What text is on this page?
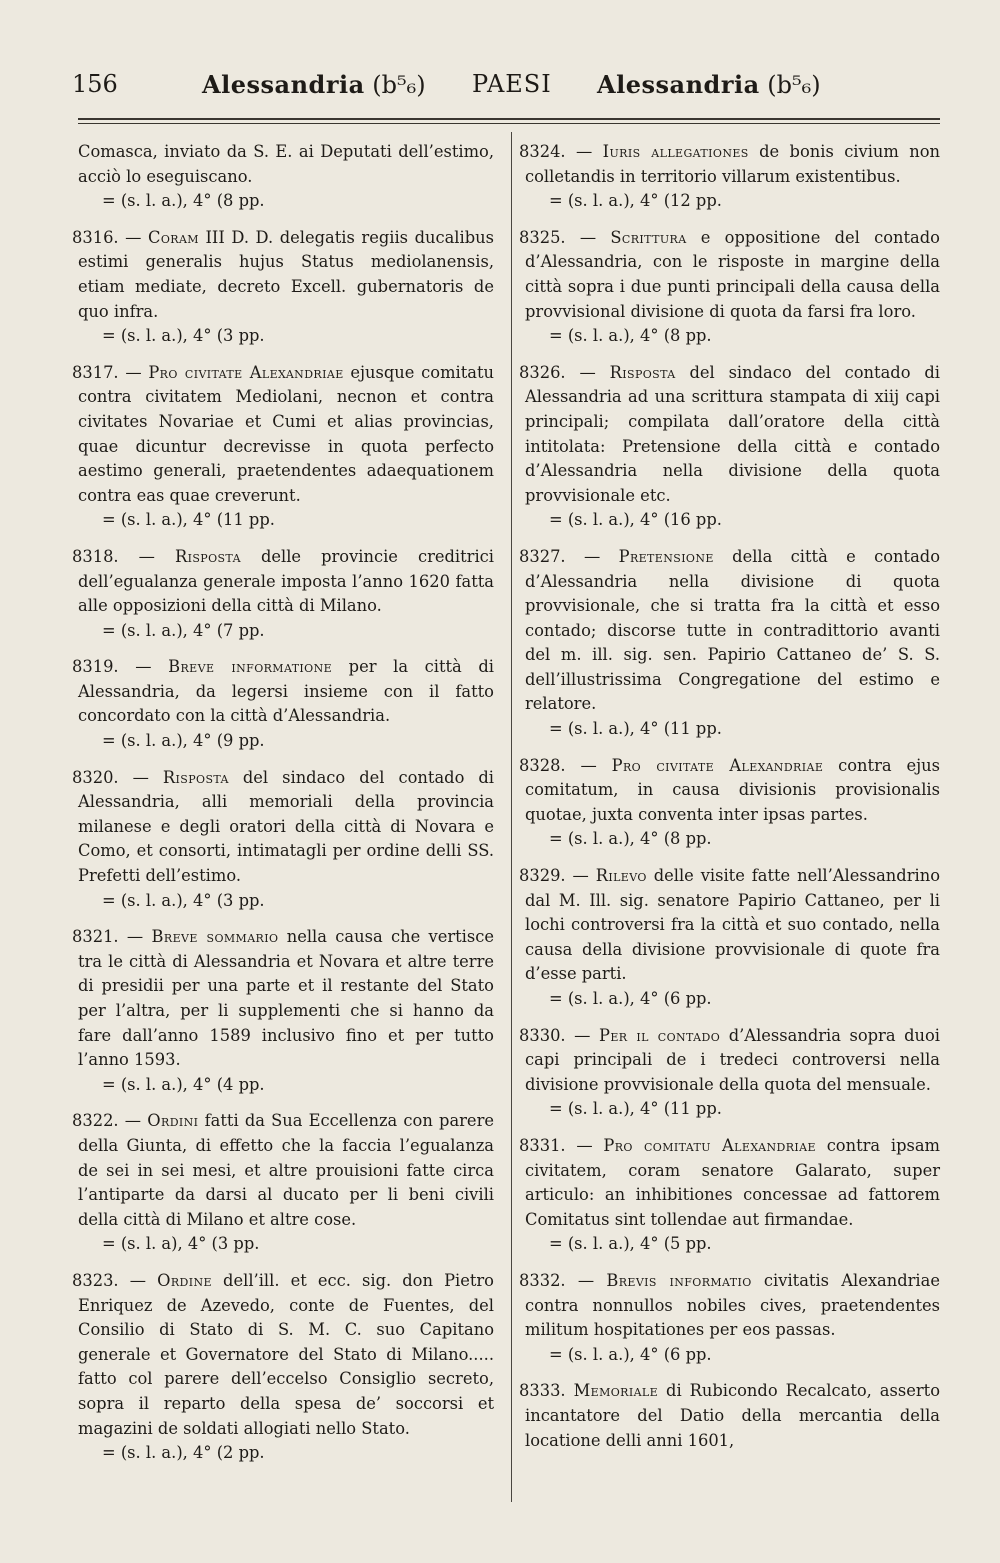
156	Alessandria (b⁵₆) PAESI Alessandria (b⁵₆)

Comasca, inviato da S. E. ai Deputati dell’estimo, acciò lo eseguiscano.

= (s. l. a.), 4° (8 pp.

8316. — Coram III D. D. delegatis regiis ducalibus estimi generalis hujus Status mediolanensis, etiam mediate, decreto Excell. gubernatoris de quo infra.

= (s. l. a.), 4° (3 pp.

8317. — Pro civitate Alexandriae ejusque comitatu contra civitatem Mediolani, necnon et contra civitates Novariae et Cumi et alias provincias, quae dicuntur decrevisse in quota perfecto aestimo generali, praetendentes adaequationem contra eas quae creverunt.

= (s. l. a.), 4° (11 pp.

8318. — Risposta delle provincie creditrici dell’egualanza generale imposta l’anno 1620 fatta alle opposizioni della città di Milano.

= (s. l. a.), 4° (7 pp.

8319. — Breve informatione per la città di Alessandria, da legersi insieme con il fatto concordato con la città d’Alessandria.

= (s. l. a.), 4° (9 pp.

8320. — Risposta del sindaco del contado di Alessandria, alli memoriali della provincia milanese e degli oratori della città di Novara e Como, et consorti, intimatagli per ordine delli SS. Prefetti dell’estimo.

= (s. l. a.), 4° (3 pp.

8321. — Breve sommario nella causa che vertisce tra le città di Alessandria et Novara et altre terre di presidii per una parte et il restante del Stato per l’altra, per li supplementi che si hanno da fare dall’anno 1589 inclusivo fino et per tutto l’anno 1593.

= (s. l. a.), 4° (4 pp.

8322. — Ordini fatti da Sua Eccellenza con parere della Giunta, di effetto che la faccia l’egualanza de sei in sei mesi, et altre prouisioni fatte circa l’antiparte da darsi al ducato per li beni civili della città di Milano et altre cose.

= (s. l. a), 4° (3 pp.

8323. — Ordine dell’ill. et ecc. sig. don Pietro Enriquez de Azevedo, conte de Fuentes, del Consilio di Stato di S. M. C. suo Capitano generale et Governatore del Stato di Milano..... fatto col parere dell’eccelso Consiglio secreto, sopra il reparto della spesa de’ soccorsi et magazini de soldati allogiati nello Stato.

= (s. l. a.), 4° (2 pp.

8324. — Iuris allegationes de bonis civium non colletandis in territorio villarum existentibus.

= (s. l. a.), 4° (12 pp.

8325. — Scrittura e oppositione del contado d’Alessandria, con le risposte in margine della città sopra i due punti principali della causa della provvisional divisione di quota da farsi fra loro.

= (s. l. a.), 4° (8 pp.

8326. — Risposta del sindaco del contado di Alessandria ad una scrittura stampata di xiij capi principali; compilata dall’oratore della città intitolata: Pretensione della città e contado d’Alessandria nella divisione della quota provvisionale etc.

= (s. l. a.), 4° (16 pp.

8327. — Pretensione della città e contado d’Alessandria nella divisione di quota provvisionale, che si tratta fra la città et esso contado; discorse tutte in contradittorio avanti del m. ill. sig. sen. Papirio Cattaneo de’ S. S. dell’illustrissima Congregatione del estimo e relatore.

= (s. l. a.), 4° (11 pp.

8328. — Pro civitate Alexandriae contra ejus comitatum, in causa divisionis provisionalis quotae, juxta conventa inter ipsas partes.

= (s. l. a.), 4° (8 pp.

8329. — Rilevo delle visite fatte nell’Alessandrino dal M. Ill. sig. senatore Papirio Cattaneo, per li lochi controversi fra la città et suo contado, nella causa della divisione provvisionale di quote fra d’esse parti.

= (s. l. a.), 4° (6 pp.

8330. — Per il contado d’Alessandria sopra duoi capi principali de i tredeci controversi nella divisione provvisionale della quota del mensuale.

= (s. l. a.), 4° (11 pp.

8331. — Pro comitatu Alexandriae contra ipsam civitatem, coram senatore Galarato, super articulo: an inhibitiones concessae ad fattorem Comitatus sint tollendae aut firmandae.

= (s. l. a.), 4° (5 pp.

8332. — Brevis informatio civitatis Alexandriae contra nonnullos nobiles cives, praetendentes militum hospitationes per eos passas.

= (s. l. a.), 4° (6 pp.

8333. Memoriale di Rubicondo Recalcato, asserto incantatore del Datio della mercantia della locatione delli anni 1601,
